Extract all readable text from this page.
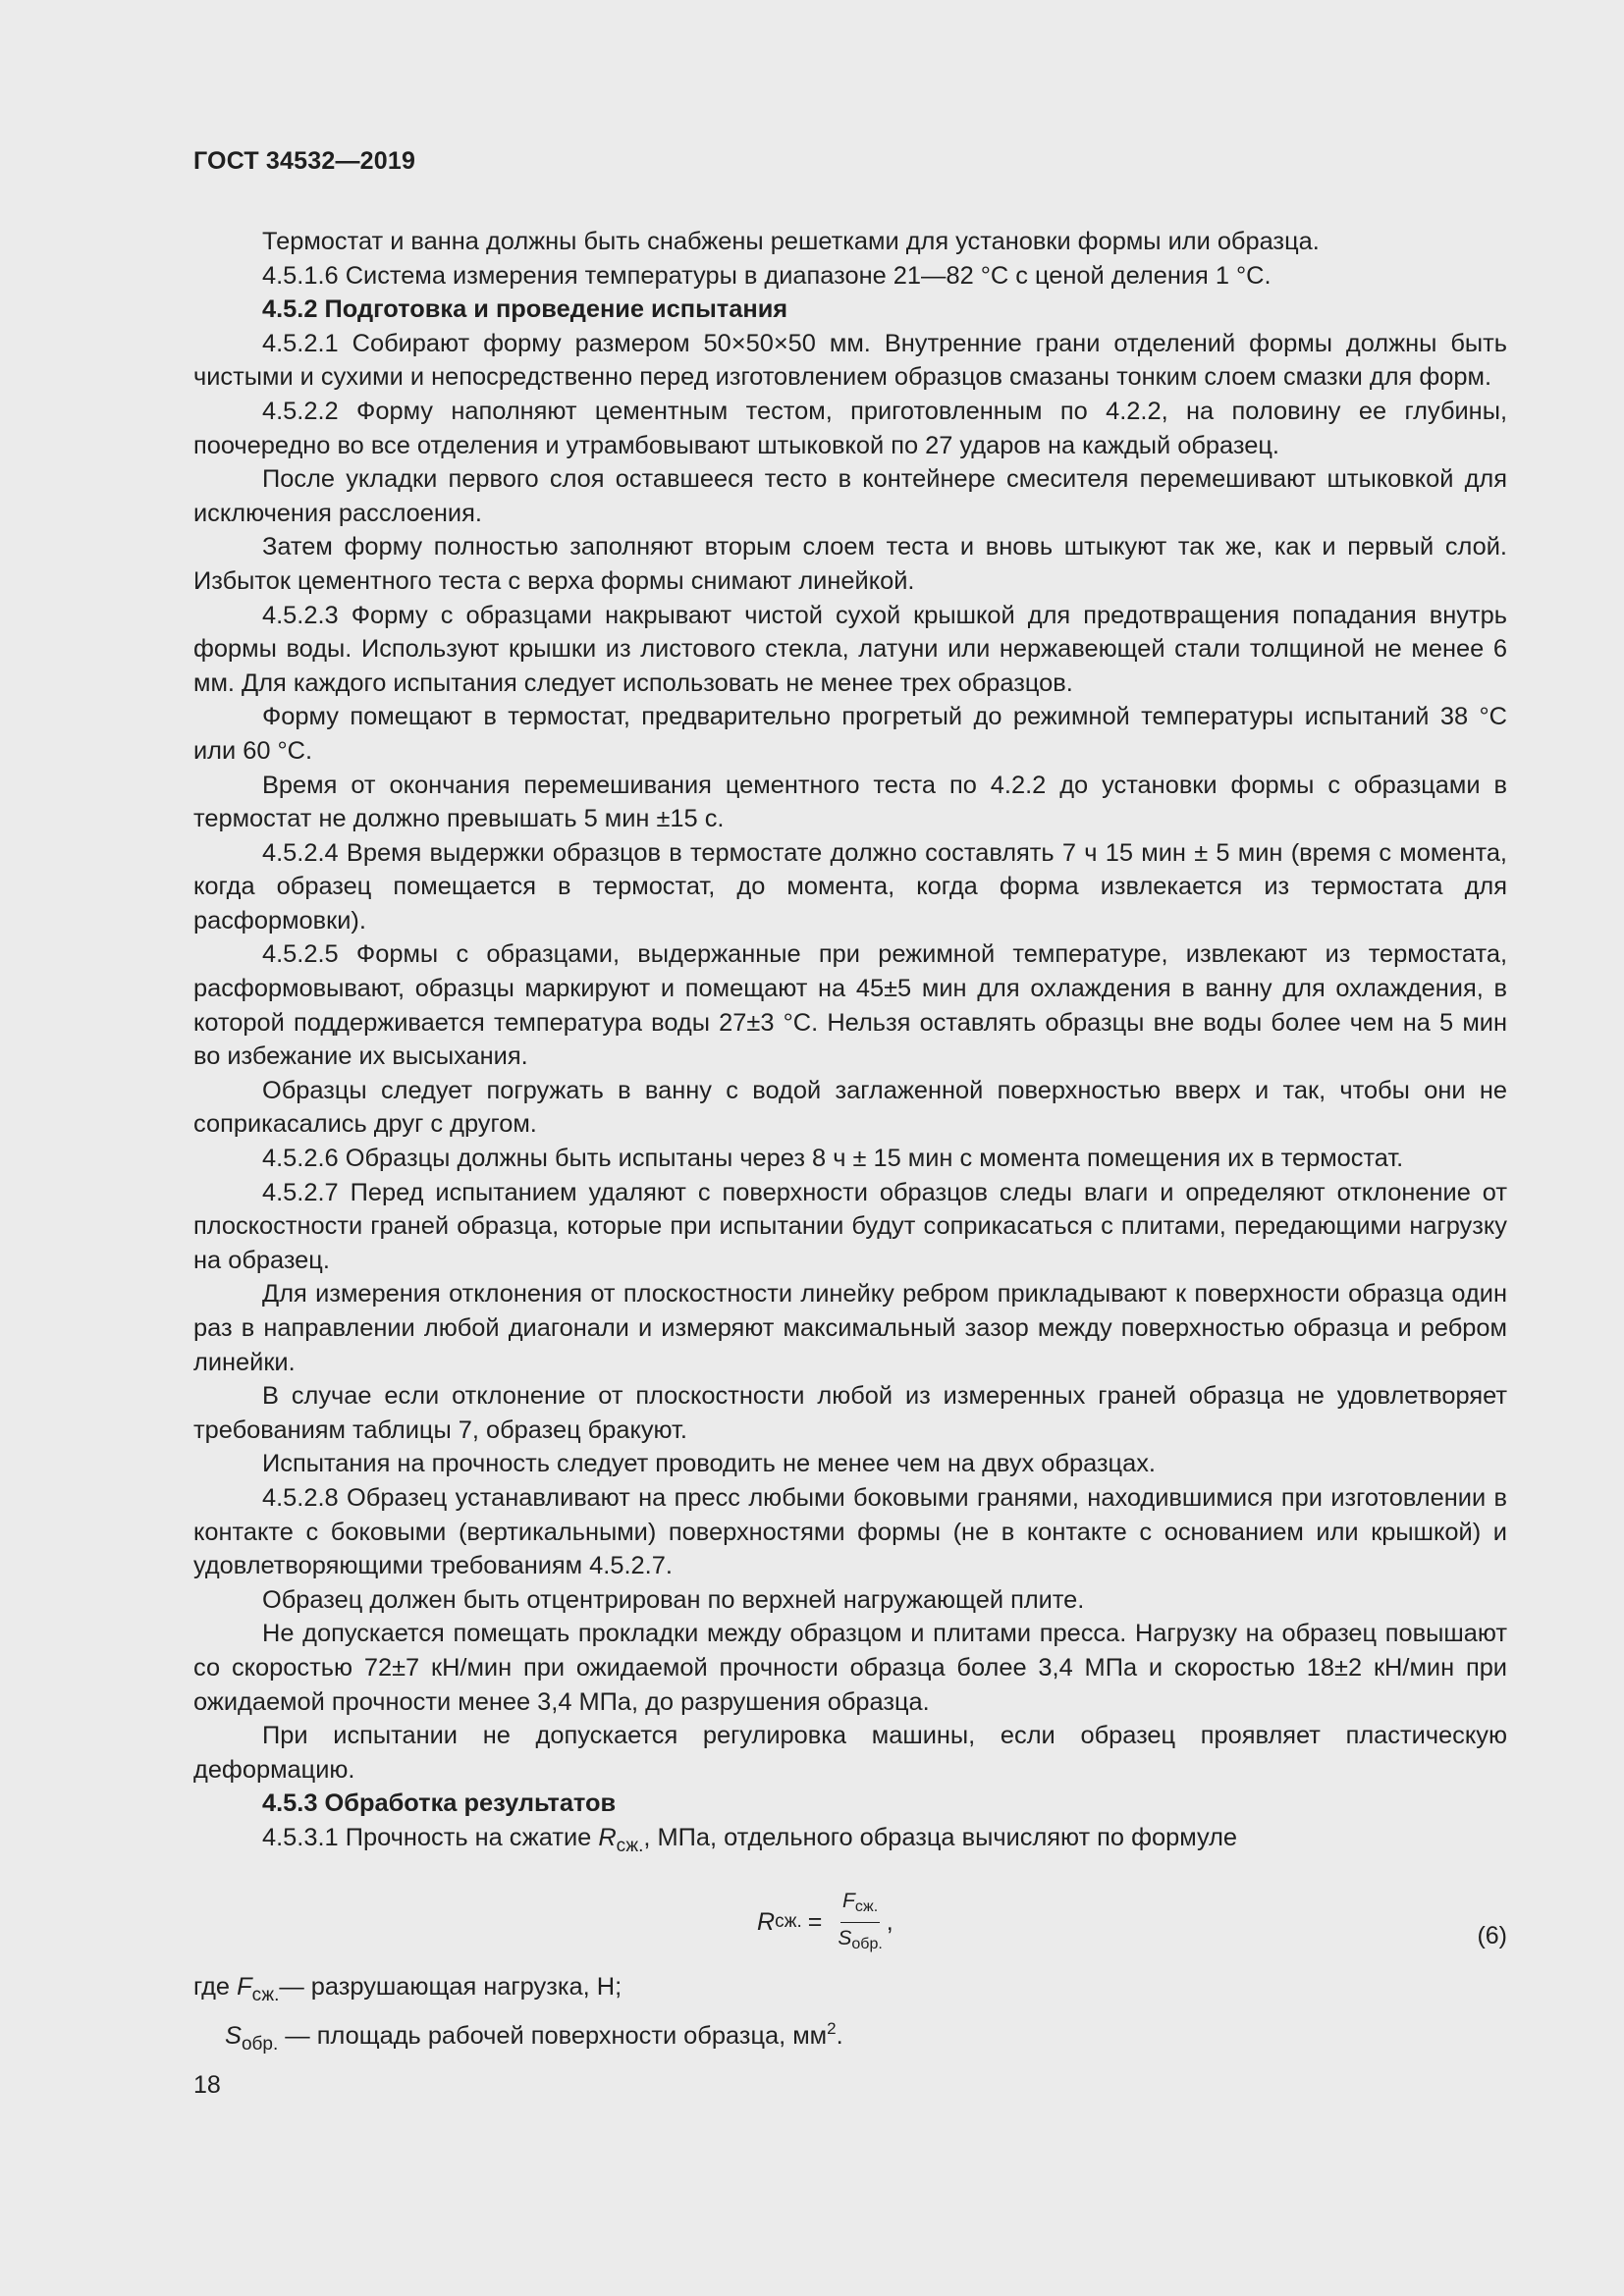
ГОСТ 34532—2019

Термостат и ванна должны быть снабжены решетками для установки формы или образца.

4.5.1.6 Система измерения температуры в диапазоне 21—82 °С с ценой деления 1 °С.

4.5.2 Подготовка и проведение испытания

4.5.2.1 Собирают форму размером 50×50×50 мм. Внутренние грани отделений формы должны быть чистыми и сухими и непосредственно перед изготовлением образцов смазаны тонким слоем смазки для форм.

4.5.2.2 Форму наполняют цементным тестом, приготовленным по 4.2.2, на половину ее глубины, поочередно во все отделения и утрамбовывают штыковкой по 27 ударов на каждый образец.

После укладки первого слоя оставшееся тесто в контейнере смесителя перемешивают штыковкой для исключения расслоения.

Затем форму полностью заполняют вторым слоем теста и вновь штыкуют так же, как и первый слой. Избыток цементного теста с верха формы снимают линейкой.

4.5.2.3 Форму с образцами накрывают чистой сухой крышкой для предотвращения попадания внутрь формы воды. Используют крышки из листового стекла, латуни или нержавеющей стали толщиной не менее 6 мм. Для каждого испытания следует использовать не менее трех образцов.

Форму помещают в термостат, предварительно прогретый до режимной температуры испытаний 38 °С или 60 °С.

Время от окончания перемешивания цементного теста по 4.2.2 до установки формы с образцами в термостат не должно превышать 5 мин ±15 с.

4.5.2.4 Время выдержки образцов в термостате должно составлять 7 ч 15 мин ± 5 мин (время с момента, когда образец помещается в термостат, до момента, когда форма извлекается из термостата для расформовки).

4.5.2.5 Формы с образцами, выдержанные при режимной температуре, извлекают из термостата, расформовывают, образцы маркируют и помещают на 45±5 мин для охлаждения в ванну для охлаждения, в которой поддерживается температура воды 27±3 °С. Нельзя оставлять образцы вне воды более чем на 5 мин во избежание их высыхания.

Образцы следует погружать в ванну с водой заглаженной поверхностью вверх и так, чтобы они не соприкасались друг с другом.

4.5.2.6 Образцы должны быть испытаны через 8 ч ± 15 мин с момента помещения их в термостат.

4.5.2.7 Перед испытанием удаляют с поверхности образцов следы влаги и определяют отклонение от плоскостности граней образца, которые при испытании будут соприкасаться с плитами, передающими нагрузку на образец.

Для измерения отклонения от плоскостности линейку ребром прикладывают к поверхности образца один раз в направлении любой диагонали и измеряют максимальный зазор между поверхностью образца и ребром линейки.

В случае если отклонение от плоскостности любой из измеренных граней образца не удовлетворяет требованиям таблицы 7, образец бракуют.

Испытания на прочность следует проводить не менее чем на двух образцах.

4.5.2.8 Образец устанавливают на пресс любыми боковыми гранями, находившимися при изготовлении в контакте с боковыми (вертикальными) поверхностями формы (не в контакте с основанием или крышкой) и удовлетворяющими требованиям 4.5.2.7.

Образец должен быть отцентрирован по верхней нагружающей плите.

Не допускается помещать прокладки между образцом и плитами пресса. Нагрузку на образец повышают со скоростью 72±7 кН/мин при ожидаемой прочности образца более 3,4 МПа и скоростью 18±2 кН/мин при ожидаемой прочности менее 3,4 МПа, до разрушения образца.

При испытании не допускается регулировка машины, если образец проявляет пластическую деформацию.

4.5.3 Обработка результатов

4.5.3.1 Прочность на сжатие $R_{сж.}$, МПа, отдельного образца вычисляют по формуле

R сж. = $\frac{F_{сж.}}{S_{обр.}}$ ,	(6)

где $F_{сж.}—$ разрушающая нагрузка, Н;

$S_{обр.}$ — площадь рабочей поверхности образца, $мм^2$.

18
